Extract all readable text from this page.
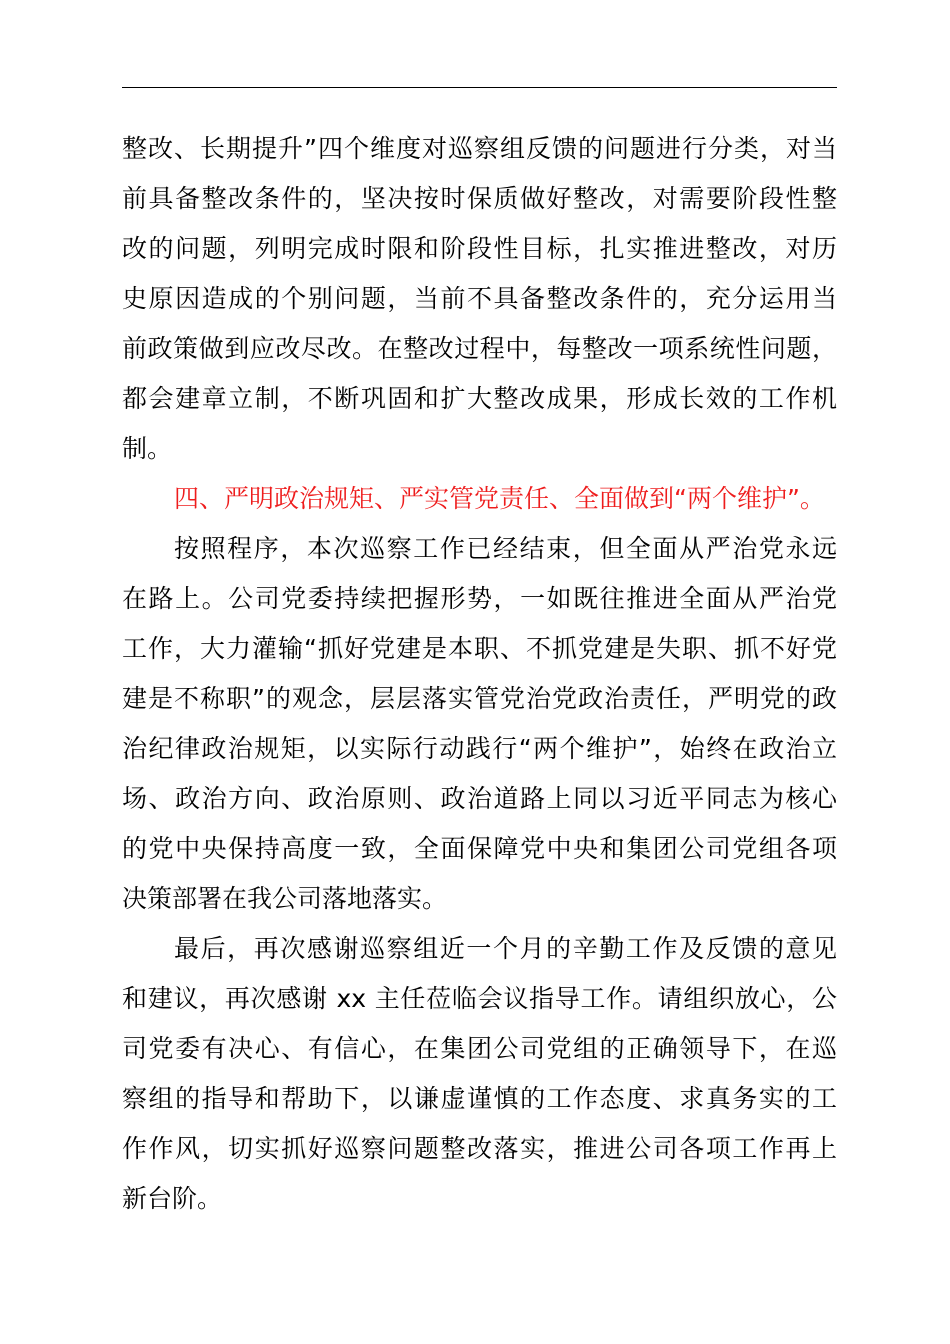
整改、长期提升”四个维度对巡察组反馈的问题进行分类，对当
前具备整改条件的，坚决按时保质做好整改，对需要阶段性整
改的问题，列明完成时限和阶段性目标，扎实推进整改，对历
史原因造成的个别问题，当前不具备整改条件的，充分运用当
前政策做到应改尽改。在整改过程中，每整改一项系统性问题，
都会建章立制，不断巩固和扩大整改成果，形成长效的工作机
制。
四、严明政治规矩、严实管党责任、全面做到“两个维护”。
按照程序，本次巡察工作已经结束，但全面从严治党永远
在路上。公司党委持续把握形势，一如既往推进全面从严治党
工作，大力灌输“抓好党建是本职、不抓党建是失职、抓不好党
建是不称职”的观念，层层落实管党治党政治责任，严明党的政
治纪律政治规矩，以实际行动践行“两个维护”，始终在政治立
场、政治方向、政治原则、政治道路上同以习近平同志为核心
的党中央保持高度一致，全面保障党中央和集团公司党组各项
决策部署在我公司落地落实。
最后，再次感谢巡察组近一个月的辛勤工作及反馈的意见
和建议，再次感谢 xx 主任莅临会议指导工作。请组织放心，公
司党委有决心、有信心，在集团公司党组的正确领导下，在巡
察组的指导和帮助下，以谦虚谨慎的工作态度、求真务实的工
作作风，切实抓好巡察问题整改落实，推进公司各项工作再上
新台阶。
